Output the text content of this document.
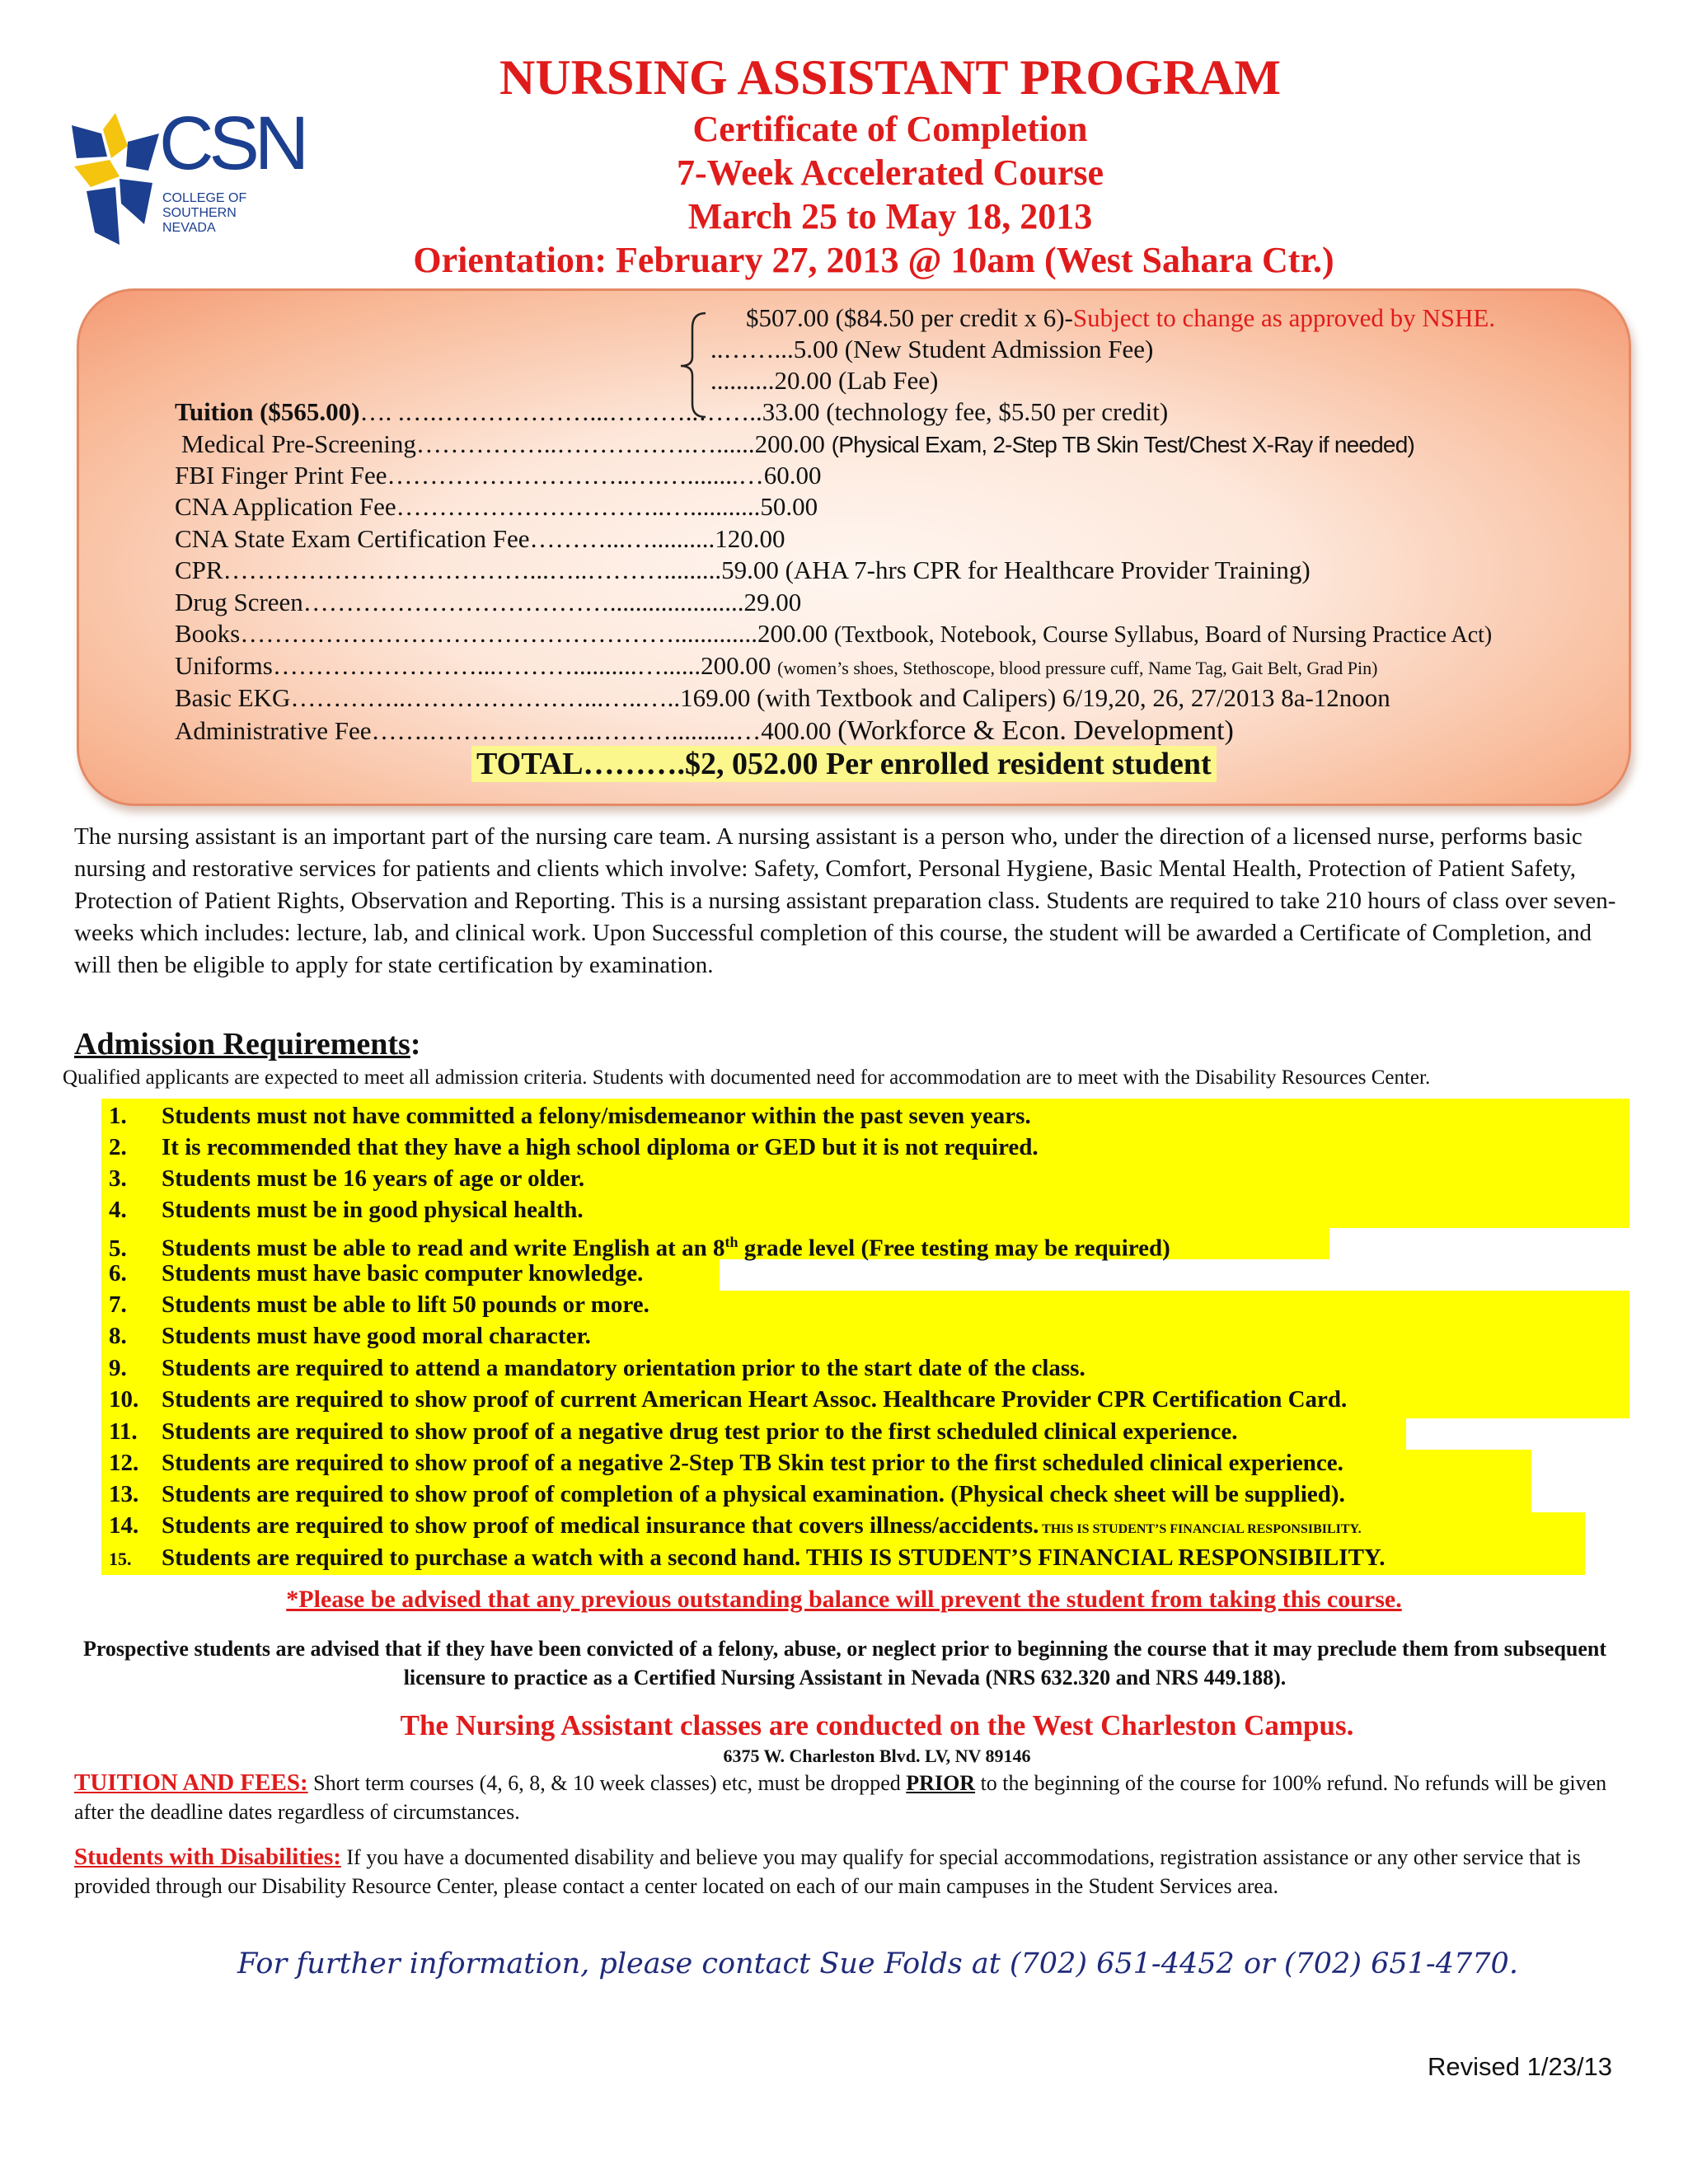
CSN
COLLEGE OF SOUTHERN NEVADA
NURSING ASSISTANT PROGRAM
Certificate of Completion
7-Week Accelerated Course
March 25 to May 18, 2013
Orientation: February 27, 2013 @ 10am (West Sahara Ctr.)
$507.00 ($84.50 per credit x 6)-Subject to change as approved by NSHE.
..……...5.00 (New Student Admission Fee)
..........20.00 (Lab Fee)
Tuition ($565.00)…. .….………………...………..……..33.00 (technology fee, $5.50 per credit)
Medical Pre-Screening……………..…………….…......200.00 (Physical Exam, 2-Step TB Skin Test/Chest X-Ray if needed)
FBI Finger Print Fee………………………..….…........…60.00
CNA Application Fee…………………………..…...........50.00
CNA State Exam Certification Fee………...…..........120.00
CPR………………………………...…..……….........59.00 (AHA 7-hrs CPR for Healthcare Provider Training)
Drug Screen……………………………….....................29.00
Books…………………………………………….............200.00 (Textbook, Notebook, Course Syllabus, Board of Nursing Practice Act)
Uniforms……………………...………..........…......200.00 (women’s shoes, Stethoscope, blood pressure cuff, Name Tag, Gait Belt, Grad Pin)
Basic EKG…………..…………………...…..…..169.00 (with Textbook and Calipers) 6/19,20, 26, 27/2013 8a-12noon
Administrative Fee…….………………..………..........…400.00 (Workforce & Econ. Development)
TOTAL……….$2, 052.00 Per enrolled resident student
The nursing assistant is an important part of the nursing care team. A nursing assistant is a person who, under the direction of a licensed nurse, performs basic nursing and restorative services for patients and clients which involve: Safety, Comfort, Personal Hygiene, Basic Mental Health, Protection of Patient Safety, Protection of Patient Rights, Observation and Reporting. This is a nursing assistant preparation class. Students are required to take 210 hours of class over seven-weeks which includes: lecture, lab, and clinical work. Upon Successful completion of this course, the student will be awarded a Certificate of Completion, and will then be eligible to apply for state certification by examination.
Admission Requirements:
Qualified applicants are expected to meet all admission criteria. Students with documented need for accommodation are to meet with the Disability Resources Center.
1. Students must not have committed a felony/misdemeanor within the past seven years.
2. It is recommended that they have a high school diploma or GED but it is not required.
3. Students must be 16 years of age or older.
4. Students must be in good physical health.
5. Students must be able to read and write English at an 8th grade level (Free testing may be required)
6. Students must have basic computer knowledge.
7. Students must be able to lift 50 pounds or more.
8. Students must have good moral character.
9. Students are required to attend a mandatory orientation prior to the start date of the class.
10. Students are required to show proof of current American Heart Assoc. Healthcare Provider CPR Certification Card.
11. Students are required to show proof of a negative drug test prior to the first scheduled clinical experience.
12. Students are required to show proof of a negative 2-Step TB Skin test prior to the first scheduled clinical experience.
13. Students are required to show proof of completion of a physical examination. (Physical check sheet will be supplied).
14. Students are required to show proof of medical insurance that covers illness/accidents. THIS IS STUDENT’S FINANCIAL RESPONSIBILITY.
15. Students are required to purchase a watch with a second hand. THIS IS STUDENT’S FINANCIAL RESPONSIBILITY.
*Please be advised that any previous outstanding balance will prevent the student from taking this course.
Prospective students are advised that if they have been convicted of a felony, abuse, or neglect prior to beginning the course that it may preclude them from subsequent licensure to practice as a Certified Nursing Assistant in Nevada (NRS 632.320 and NRS 449.188).
The Nursing Assistant classes are conducted on the West Charleston Campus.
6375 W. Charleston Blvd. LV, NV 89146
TUITION AND FEES: Short term courses (4, 6, 8, & 10 week classes) etc, must be dropped PRIOR to the beginning of the course for 100% refund. No refunds will be given after the deadline dates regardless of circumstances.
Students with Disabilities: If you have a documented disability and believe you may qualify for special accommodations, registration assistance or any other service that is provided through our Disability Resource Center, please contact a center located on each of our main campuses in the Student Services area.
For further information, please contact Sue Folds at (702) 651-4452 or (702) 651-4770.
Revised 1/23/13
